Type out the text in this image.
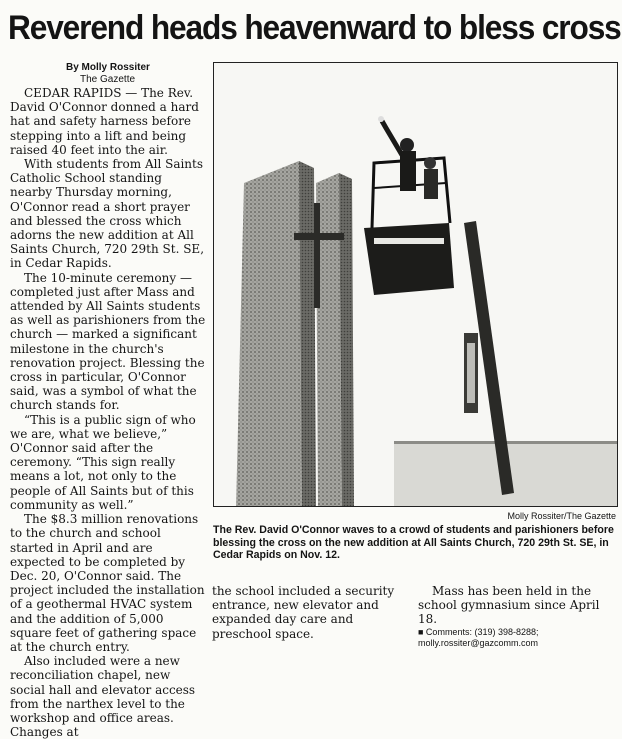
Reverend heads heavenward to bless cross
By Molly Rossiter
The Gazette

CEDAR RAPIDS — The Rev. David O'Connor donned a hard hat and safety harness before stepping into a lift and being raised 40 feet into the air.

With students from All Saints Catholic School standing nearby Thursday morning, O'Connor read a short prayer and blessed the cross which adorns the new addition at All Saints Church, 720 29th St. SE, in Cedar Rapids.

The 10-minute ceremony — completed just after Mass and attended by All Saints students as well as parishioners from the church — marked a significant milestone in the church's renovation project. Blessing the cross in particular, O'Connor said, was a symbol of what the church stands for.

“This is a public sign of who we are, what we believe,” O'Connor said after the ceremony. “This sign really means a lot, not only to the people of All Saints but of this community as well.”

The $8.3 million renovations to the church and school started in April and are expected to be completed by Dec. 20, O'Connor said. The project included the installation of a geothermal HVAC system and the addition of 5,000 square feet of gathering space at the church entry.

Also included were a new reconciliation chapel, new social hall and elevator access from the narthex level to the workshop and office areas. Changes at

Molly Rossiter/The Gazette
The Rev. David O'Connor waves to a crowd of students and parishioners before blessing the cross on the new addition at All Saints Church, 720 29th St. SE, in Cedar Rapids on Nov. 12.

the school included a security entrance, new elevator and expanded day care and preschool space.

Mass has been held in the school gymnasium since April 18.

■ Comments: (319) 398-8288;
molly.rossiter@gazcomm.com
